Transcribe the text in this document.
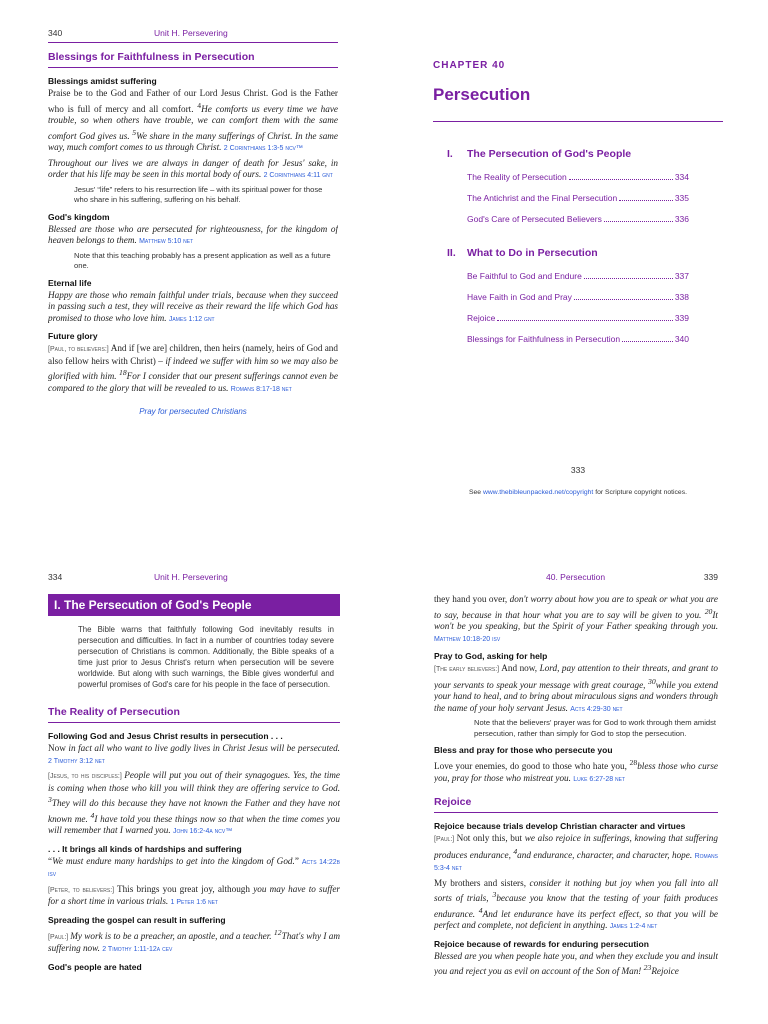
340	Unit H. Persevering
Blessings for Faithfulness in Persecution
Blessings amidst suffering
Praise be to the God and Father of our Lord Jesus Christ. God is the Father who is full of mercy and all comfort. $^4$He comforts us every time we have trouble, so when others have trouble, we can comfort them with the same comfort God gives us. $^5$We share in the many sufferings of Christ. In the same way, much comfort comes to us through Christ. 2 Corinthians 1:3-5 ncv™
Throughout our lives we are always in danger of death for Jesus' sake, in order that his life may be seen in this mortal body of ours. 2 Corinthians 4:11 gnt
Jesus' “life” refers to his resurrection life – with its spiritual power for those who share in his suffering, suffering on his behalf.
God's kingdom
Blessed are those who are persecuted for righteousness, for the kingdom of heaven belongs to them. Matthew 5:10 net
Note that this teaching probably has a present application as well as a future one.
Eternal life
Happy are those who remain faithful under trials, because when they succeed in passing such a test, they will receive as their reward the life which God has promised to those who love him. James 1:12 gnt
Future glory
[Paul, to believers:] And if [we are] children, then heirs (namely, heirs of God and also fellow heirs with Christ) – if indeed we suffer with him so we may also be glorified with him. $^{18}$For I consider that our present sufferings cannot even be compared to the glory that will be revealed to us. Romans 8:17-18 net
Pray for persecuted Christians
CHAPTER 40
Persecution
I.	The Persecution of God's People
The Reality of Persecution	334
The Antichrist and the Final Persecution	335
God's Care of Persecuted Believers	336
II.	What to Do in Persecution
Be Faithful to God and Endure	337
Have Faith in God and Pray	338
Rejoice	339
Blessings for Faithfulness in Persecution	340
333
See www.thebibleunpacked.net/copyright for Scripture copyright notices.
334	Unit H. Persevering
I. The Persecution of God's People
The Bible warns that faithfully following God inevitably results in persecution and difficulties. In fact in a number of countries today severe persecution of Christians is common. Additionally, the Bible speaks of a time just prior to Jesus Christ's return when persecution will be severe worldwide. But along with such warnings, the Bible gives wonderful and powerful promises of God's care for his people in the face of persecution.
The Reality of Persecution
Following God and Jesus Christ results in persecution . . .
Now in fact all who want to live godly lives in Christ Jesus will be persecuted. 2 Timothy 3:12 net
[Jesus, to his disciples:] People will put you out of their synagogues. Yes, the time is coming when those who kill you will think they are offering service to God. $^3$They will do this because they have not known the Father and they have not known me. $^4$I have told you these things now so that when the time comes you will remember that I warned you. John 16:2-4a ncv™
. . . It brings all kinds of hardships and suffering
“We must endure many hardships to get into the kingdom of God.” Acts 14:22b isv
[Peter, to believers:] This brings you great joy, although you may have to suffer for a short time in various trials. 1 Peter 1:6 net
Spreading the gospel can result in suffering
[Paul:] My work is to be a preacher, an apostle, and a teacher. $^{12}$That's why I am suffering now. 2 Timothy 1:11-12a cev
God's people are hated
40. Persecution	339
they hand you over, don't worry about how you are to speak or what you are to say, because in that hour what you are to say will be given to you. $^{20}$It won't be you speaking, but the Spirit of your Father speaking through you. Matthew 10:18-20 isv
Pray to God, asking for help
[The early believers:] And now, Lord, pay attention to their threats, and grant to your servants to speak your message with great courage, $^{30}$while you extend your hand to heal, and to bring about miraculous signs and wonders through the name of your holy servant Jesus. Acts 4:29-30 net
Note that the believers' prayer was for God to work through them amidst persecution, rather than simply for God to stop the persecution.
Bless and pray for those who persecute you
Love your enemies, do good to those who hate you, $^{28}$bless those who curse you, pray for those who mistreat you. Luke 6:27-28 net
Rejoice
Rejoice because trials develop Christian character and virtues
[Paul:] Not only this, but we also rejoice in sufferings, knowing that suffering produces endurance, $^4$and endurance, character, and character, hope. Romans 5:3-4 net
My brothers and sisters, consider it nothing but joy when you fall into all sorts of trials, $^3$because you know that the testing of your faith produces endurance. $^4$And let endurance have its perfect effect, so that you will be perfect and complete, not deficient in anything. James 1:2-4 net
Rejoice because of rewards for enduring persecution
Blessed are you when people hate you, and when they exclude you and insult you and reject you as evil on account of the Son of Man! $^{23}$Rejoice
